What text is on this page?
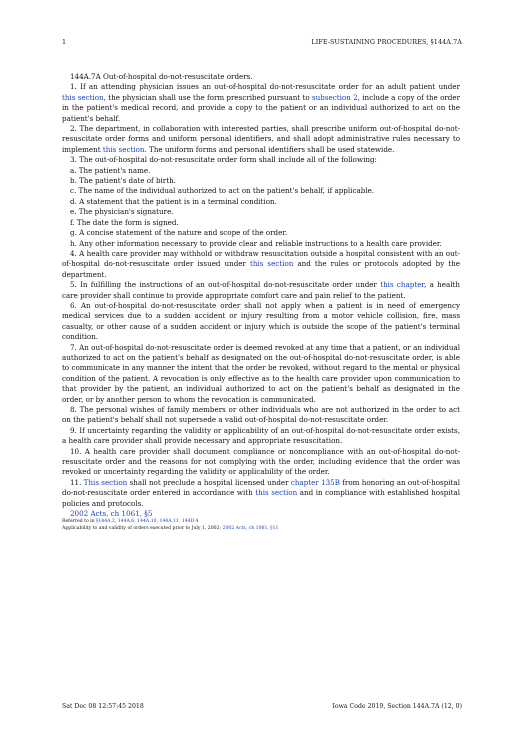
1	LIFE-SUSTAINING PROCEDURES, §144A.7A

144A.7A Out-of-hospital do-not-resuscitate orders.

1. If an attending physician issues an out-of-hospital do-not-resuscitate order for an adult patient under this section, the physician shall use the form prescribed pursuant to subsection 2, include a copy of the order in the patient's medical record, and provide a copy to the patient or an individual authorized to act on the patient's behalf.

2. The department, in collaboration with interested parties, shall prescribe uniform out-of-hospital do-not-resuscitate order forms and uniform personal identifiers, and shall adopt administrative rules necessary to implement this section. The uniform forms and personal identifiers shall be used statewide.

3. The out-of-hospital do-not-resuscitate order form shall include all of the following:

a. The patient's name.

b. The patient's date of birth.

c. The name of the individual authorized to act on the patient's behalf, if applicable.

d. A statement that the patient is in a terminal condition.

e. The physician's signature.

f. The date the form is signed.

g. A concise statement of the nature and scope of the order.

h. Any other information necessary to provide clear and reliable instructions to a health care provider.

4. A health care provider may withhold or withdraw resuscitation outside a hospital consistent with an out-of-hospital do-not-resuscitate order issued under this section and the rules or protocols adopted by the department.

5. In fulfilling the instructions of an out-of-hospital do-not-resuscitate order under this chapter, a health care provider shall continue to provide appropriate comfort care and pain relief to the patient.

6. An out-of-hospital do-not-resuscitate order shall not apply when a patient is in need of emergency medical services due to a sudden accident or injury resulting from a motor vehicle collision, fire, mass casualty, or other cause of a sudden accident or injury which is outside the scope of the patient's terminal condition.

7. An out-of-hospital do-not-resuscitate order is deemed revoked at any time that a patient, or an individual authorized to act on the patient's behalf as designated on the out-of-hospital do-not-resuscitate order, is able to communicate in any manner the intent that the order be revoked, without regard to the mental or physical condition of the patient. A revocation is only effective as to the health care provider upon communication to that provider by the patient, an individual authorized to act on the patient's behalf as designated in the order, or by another person to whom the revocation is communicated.

8. The personal wishes of family members or other individuals who are not authorized in the order to act on the patient's behalf shall not supersede a valid out-of-hospital do-not-resuscitate order.

9. If uncertainty regarding the validity or applicability of an out-of-hospital do-not-resuscitate order exists, a health care provider shall provide necessary and appropriate resuscitation.

10. A health care provider shall document compliance or noncompliance with an out-of-hospital do-not-resuscitate order and the reasons for not complying with the order, including evidence that the order was revoked or uncertainty regarding the validity or applicability of the order.

11. This section shall not preclude a hospital licensed under chapter 135B from honoring an out-of-hospital do-not-resuscitate order entered in accordance with this section and in compliance with established hospital policies and protocols.

2002 Acts, ch 1061, §5

Referred to in §144A.2, 144A.6, 144A.10, 144A.11, 144D.4

Applicability to and validity of orders executed prior to July 1, 2002; 2002 Acts, ch 1061, §11

Sat Dec 08 12:57:45 2018	Iowa Code 2019, Section 144A.7A (12, 0)
